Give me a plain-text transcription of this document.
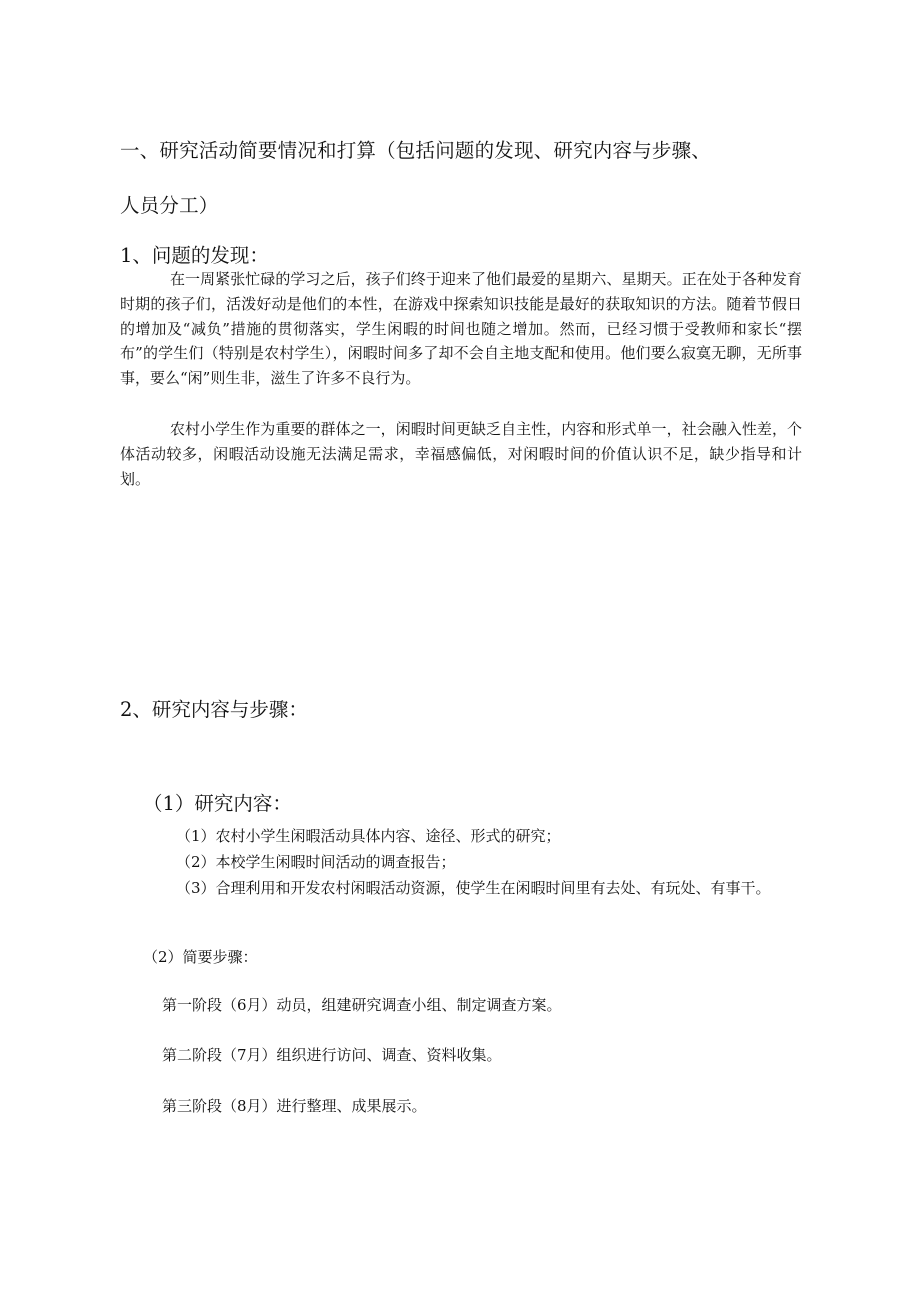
一、研究活动简要情况和打算（包括问题的发现、研究内容与步骤、
人员分工）
1、问题的发现：

在一周紧张忙碌的学习之后，孩子们终于迎来了他们最爱的星期六、星期天。正在处于各种发育时期的孩子们，活泼好动是他们的本性，在游戏中探索知识技能是最好的获取知识的方法。随着节假日的增加及“减负”措施的贯彻落实，学生闲暇的时间也随之增加。然而，已经习惯于受教师和家长“摆布”的学生们（特别是农村学生），闲暇时间多了却不会自主地支配和使用。他们要么寂寞无聊，无所事事，要么“闲”则生非，滋生了许多不良行为。

农村小学生作为重要的群体之一，闲暇时间更缺乏自主性，内容和形式单一，社会融入性差，个体活动较多，闲暇活动设施无法满足需求，幸福感偏低，对闲暇时间的价值认识不足，缺少指导和计划。

2、研究内容与步骤：
（1）研究内容：

（1）农村小学生闲暇活动具体内容、途径、形式的研究；

（2）本校学生闲暇时间活动的调查报告；

（3）合理利用和开发农村闲暇活动资源，使学生在闲暇时间里有去处、有玩处、有事干。

（2）简要步骤：
第一阶段（6月）动员，组建研究调查小组、制定调查方案。
第二阶段（7月）组织进行访问、调查、资料收集。
第三阶段（8月）进行整理、成果展示。
